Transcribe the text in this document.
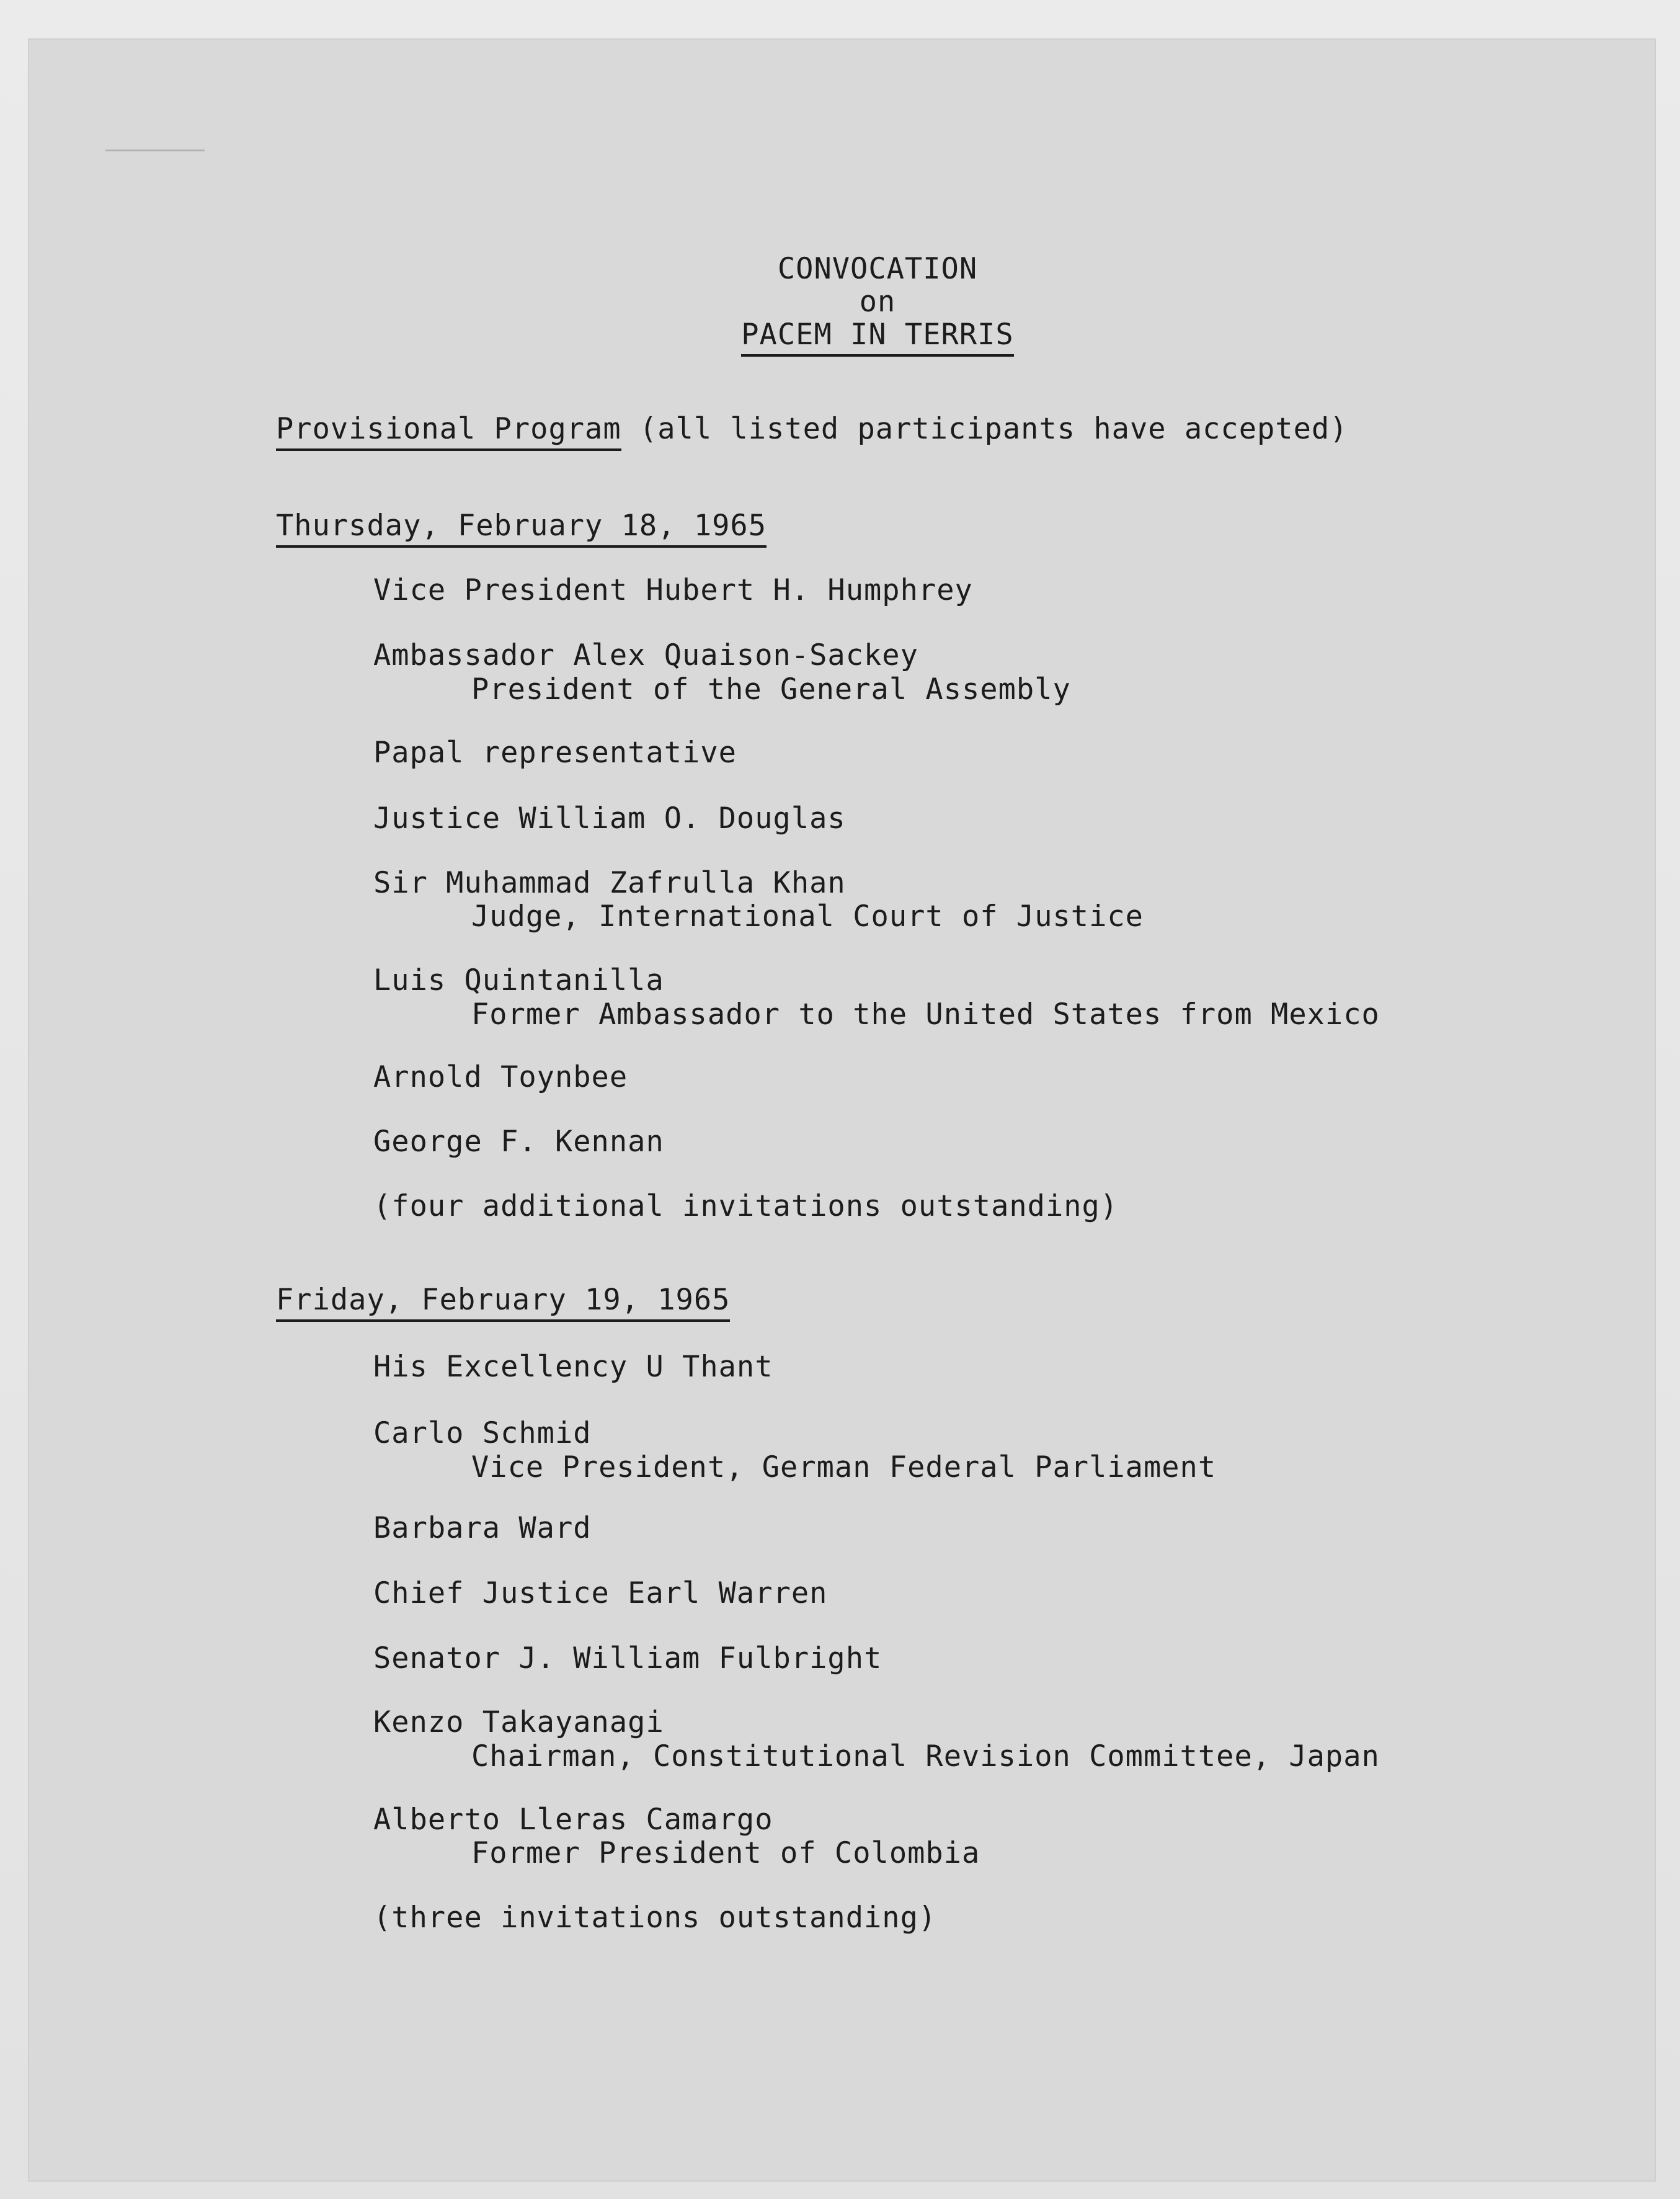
CONVOCATION
on
PACEM IN TERRIS
Provisional Program (all listed participants have accepted)
Thursday, February 18, 1965
Vice President Hubert H. Humphrey
Ambassador Alex Quaison-Sackey
President of the General Assembly
Papal representative
Justice William O. Douglas
Sir Muhammad Zafrulla Khan
Judge, International Court of Justice
Luis Quintanilla
Former Ambassador to the United States from Mexico
Arnold Toynbee
George F. Kennan
(four additional invitations outstanding)
Friday, February 19, 1965
His Excellency U Thant
Carlo Schmid
Vice President, German Federal Parliament
Barbara Ward
Chief Justice Earl Warren
Senator J. William Fulbright
Kenzo Takayanagi
Chairman, Constitutional Revision Committee, Japan
Alberto Lleras Camargo
Former President of Colombia
(three invitations outstanding)
